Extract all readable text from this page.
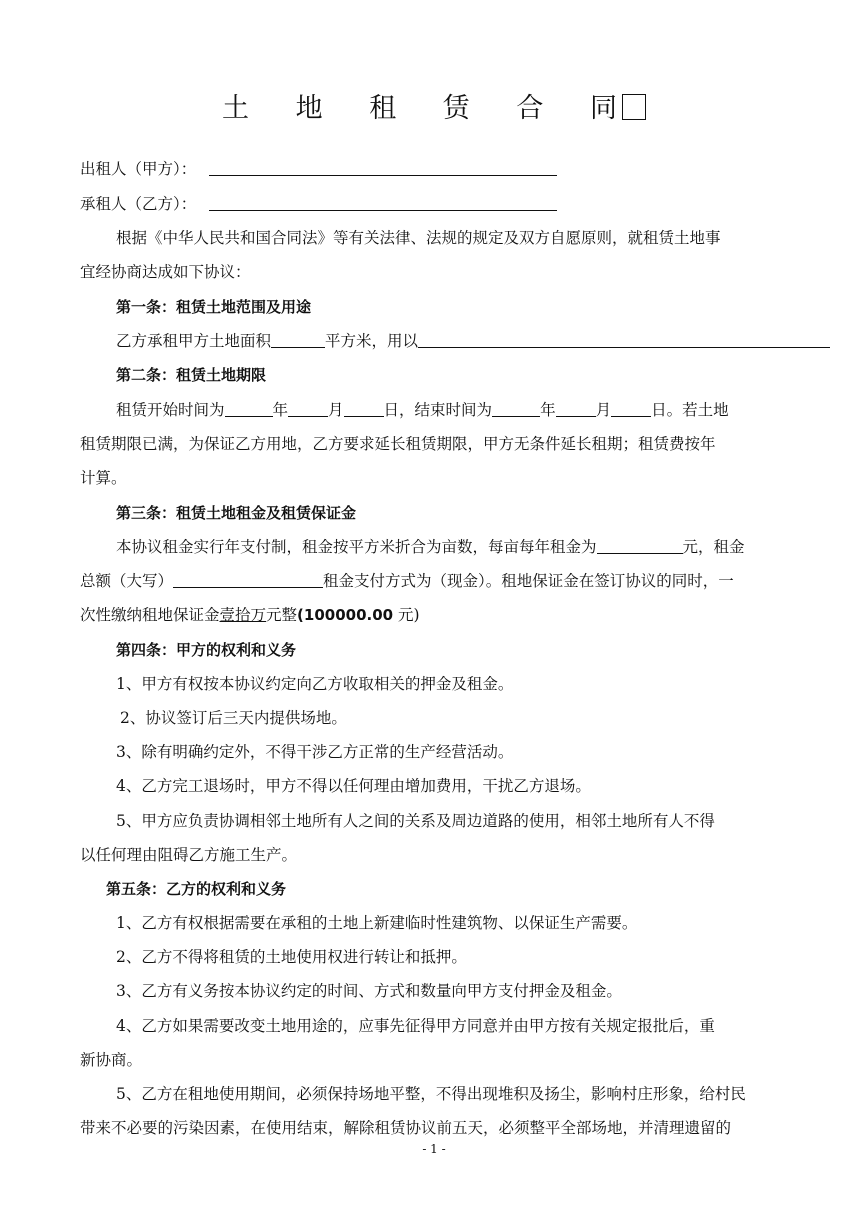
土 地 租 赁 合 同
出租人（甲方）：
承租人（乙方）：
根据《中华人民共和国合同法》等有关法律、法规的规定及双方自愿原则，就租赁土地事
宜经协商达成如下协议：
第一条：租赁土地范围及用途
乙方承租甲方土地面积	平方米，用以
第二条：租赁土地期限
租赁开始时间为	年	月	日，结束时间为	年	月	日。若土地
租赁期限已满，为保证乙方用地，乙方要求延长租赁期限，甲方无条件延长租期；租赁费按年
计算。
第三条：租赁土地租金及租赁保证金
本协议租金实行年支付制，租金按平方米折合为亩数，每亩每年租金为	元，租金
总额（大写）	租金支付方式为（现金）。租地保证金在签订协议的同时，一
次性缴纳租地保证金壹拾万元整(100000.00 元)
第四条：甲方的权利和义务
1、甲方有权按本协议约定向乙方收取相关的押金及租金。
2、协议签订后三天内提供场地。
3、除有明确约定外，不得干涉乙方正常的生产经营活动。
4、乙方完工退场时，甲方不得以任何理由增加费用，干扰乙方退场。
5、甲方应负责协调相邻土地所有人之间的关系及周边道路的使用，相邻土地所有人不得
以任何理由阻碍乙方施工生产。
第五条：乙方的权利和义务
1、乙方有权根据需要在承租的土地上新建临时性建筑物、以保证生产需要。
2、乙方不得将租赁的土地使用权进行转让和抵押。
3、乙方有义务按本协议约定的时间、方式和数量向甲方支付押金及租金。
4、乙方如果需要改变土地用途的，应事先征得甲方同意并由甲方按有关规定报批后，重
新协商。
5、乙方在租地使用期间，必须保持场地平整，不得出现堆积及扬尘，影响村庄形象，给村民
带来不必要的污染因素，在使用结束，解除租赁协议前五天，必须整平全部场地，并清理遗留的
- 1 -
